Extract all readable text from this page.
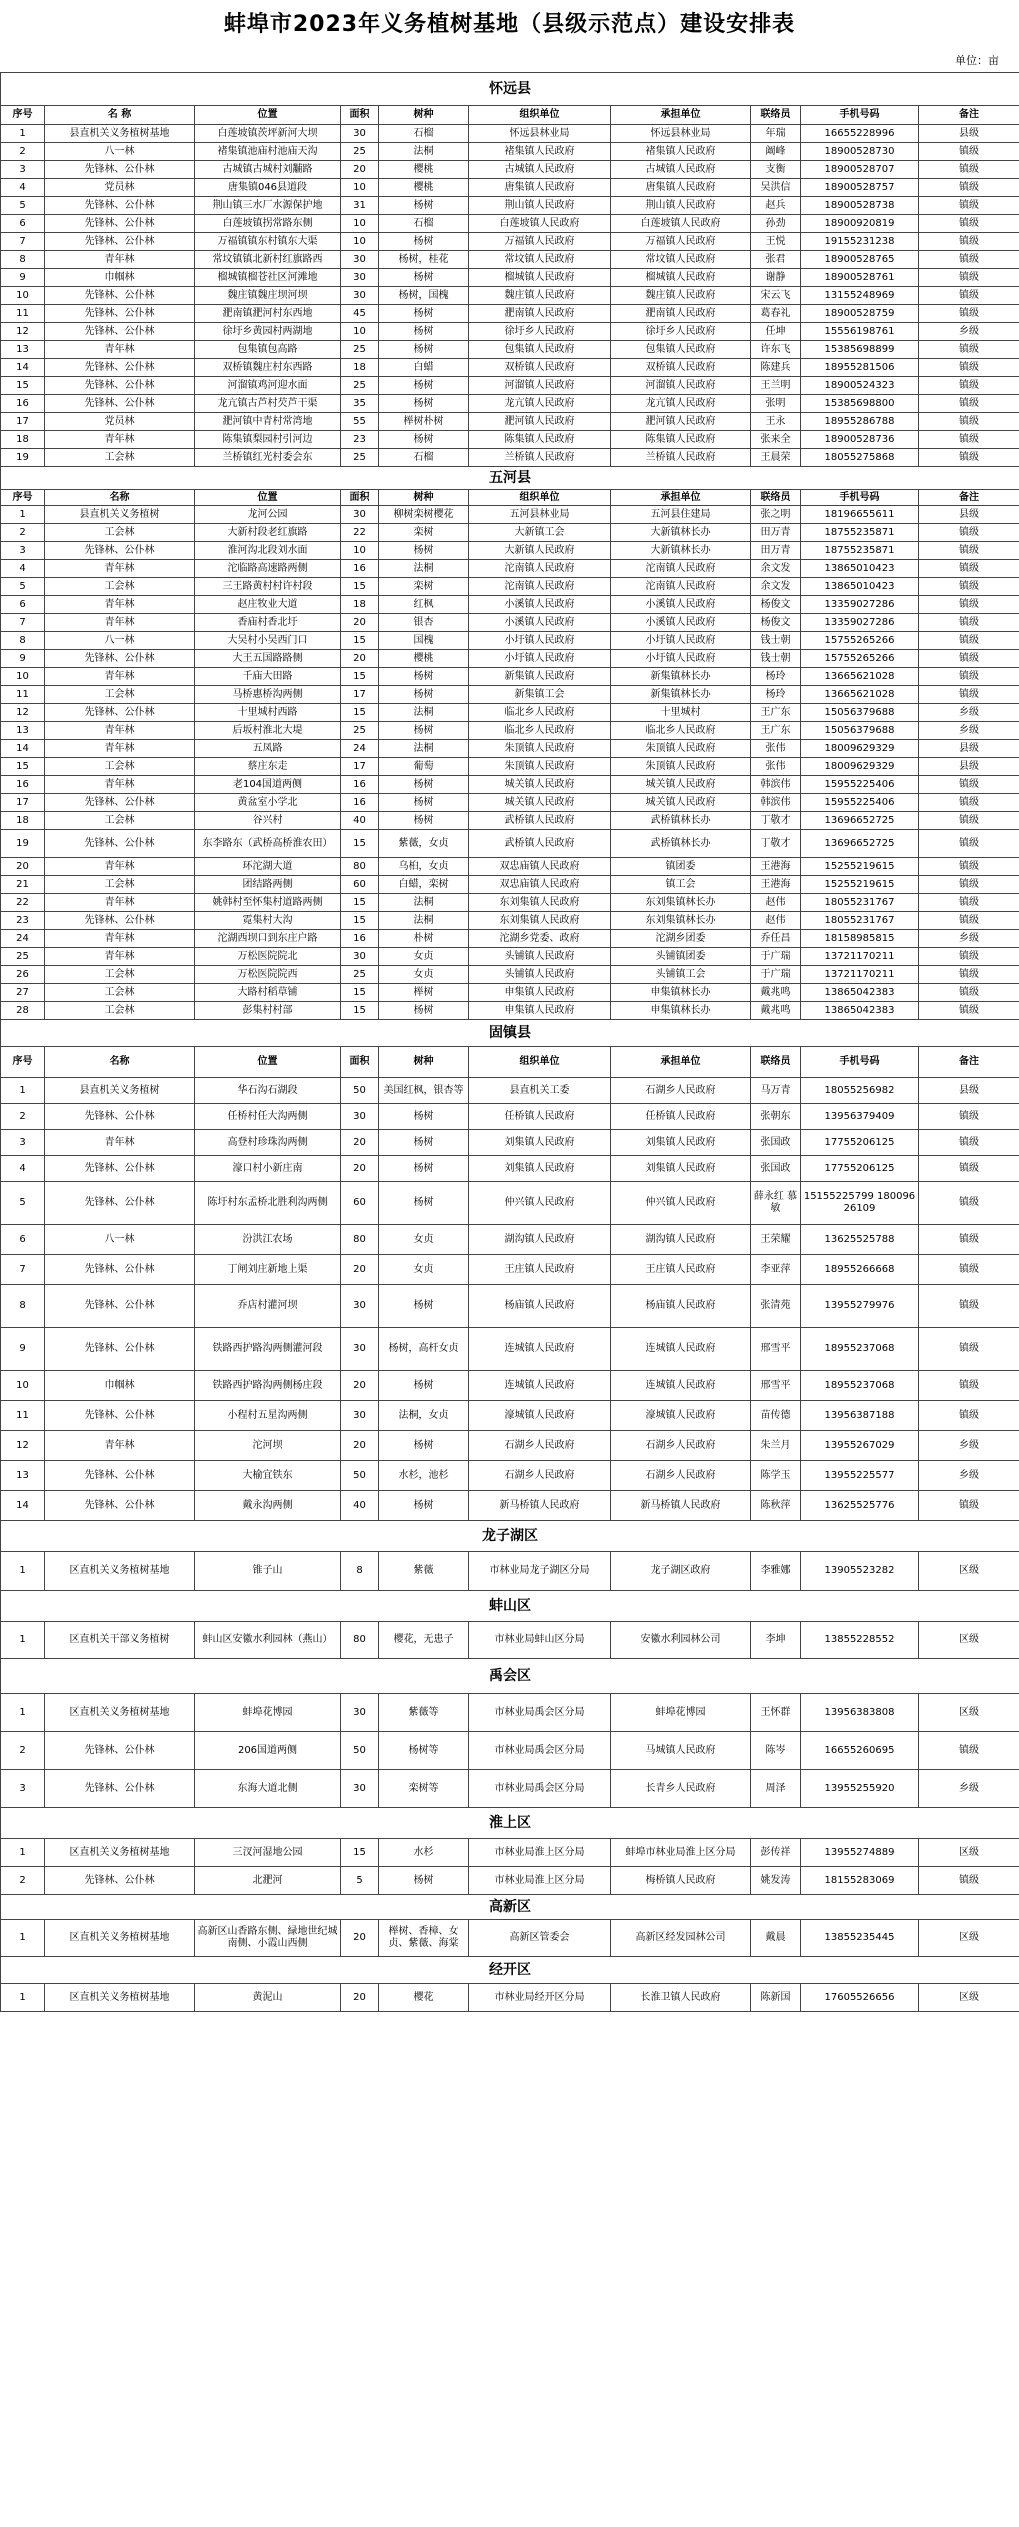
蚌埠市2023年义务植树基地（县级示范点）建设安排表
单位：亩
怀远县									
序号	名 称	位置	面积	树种	组织单位	承担单位	联络员	手机号码	备注
1	县直机关义务植树基地	白莲坡镇茨坪新河大坝	30	石榴	怀远县林业局	怀远县林业局	年瑞	16655228996	县级
2	八一林	褚集镇池庙村池庙天沟	25	法桐	褚集镇人民政府	褚集镇人民政府	阚峰	18900528730	镇级
3	先锋林、公仆林	古城镇古城村刘黼路	20	樱桃	古城镇人民政府	古城镇人民政府	支衡	18900528707	镇级
4	党员林	唐集镇046县道段	10	樱桃	唐集镇人民政府	唐集镇人民政府	吴洪信	18900528757	镇级
5	先锋林、公仆林	荆山镇三水厂水源保护地	31	杨树	荆山镇人民政府	荆山镇人民政府	赵兵	18900528738	镇级
6	先锋林、公仆林	白莲坡镇拐常路东侧	10	石榴	白莲坡镇人民政府	白莲坡镇人民政府	孙劲	18900920819	镇级
7	先锋林、公仆林	万福镇镇东村镇东大渠	10	杨树	万福镇人民政府	万福镇人民政府	王悦	19155231238	镇级
8	青年林	常坟镇镇北新村红旗路西	30	杨树，桂花	常坟镇人民政府	常坟镇人民政府	张君	18900528765	镇级
9	巾帼林	榴城镇榴苍社区河滩地	30	杨树	榴城镇人民政府	榴城镇人民政府	谢静	18900528761	镇级
10	先锋林、公仆林	魏庄镇魏庄坝河坝	30	杨树，国槐	魏庄镇人民政府	魏庄镇人民政府	宋云飞	13155248969	镇级
11	先锋林、公仆林	淝南镇淝河村东西地	45	杨树	淝南镇人民政府	淝南镇人民政府	葛春礼	18900528759	镇级
12	先锋林、公仆林	徐圩乡黄园村两湖地	10	杨树	徐圩乡人民政府	徐圩乡人民政府	任坤	15556198761	乡级
13	青年林	包集镇包高路	25	杨树	包集镇人民政府	包集镇人民政府	许东飞	15385698899	镇级
14	先锋林、公仆林	双桥镇魏庄村东西路	18	白蜡	双桥镇人民政府	双桥镇人民政府	陈建兵	18955281506	镇级
15	先锋林、公仆林	河溜镇鸡河迎水面	25	杨树	河溜镇人民政府	河溜镇人民政府	王兰明	18900524323	镇级
16	先锋林、公仆林	龙亢镇古芦村芡芦干渠	35	杨树	龙亢镇人民政府	龙亢镇人民政府	张明	15385698800	镇级
17	党员林	淝河镇中青村常湾地	55	榉树朴树	淝河镇人民政府	淝河镇人民政府	王永	18955286788	镇级
18	青年林	陈集镇梨园村引河边	23	杨树	陈集镇人民政府	陈集镇人民政府	张来全	18900528736	镇级
19	工会林	兰桥镇红光村委会东	25	石榴	兰桥镇人民政府	兰桥镇人民政府	王晨荣	18055275868	镇级
五河县									
序号	名称	位置	面积	树种	组织单位	承担单位	联络员	手机号码	备注
1	县直机关义务植树	龙河公园	30	柳树栾树樱花	五河县林业局	五河县住建局	张之明	18196655611	县级
2	工会林	大新村段老红旗路	22	栾树	大新镇工会	大新镇林长办	田万青	18755235871	镇级
3	先锋林、公仆林	淮河沟北段刘水面	10	杨树	大新镇人民政府	大新镇林长办	田万青	18755235871	镇级
4	青年林	沱临路高速路两侧	16	法桐	沱南镇人民政府	沱南镇人民政府	余文发	13865010423	镇级
5	工会林	三王路黄村村许村段	15	栾树	沱南镇人民政府	沱南镇人民政府	余文发	13865010423	镇级
6	青年林	赵庄牧业大道	18	红枫	小溪镇人民政府	小溪镇人民政府	杨俊文	13359027286	镇级
7	青年林	香庙村香北圩	20	银杏	小溪镇人民政府	小溪镇人民政府	杨俊文	13359027286	镇级
8	八一林	大吴村小吴西门口	15	国槐	小圩镇人民政府	小圩镇人民政府	钱士朝	15755265266	镇级
9	先锋林、公仆林	大王五国路路侧	20	樱桃	小圩镇人民政府	小圩镇人民政府	钱士朝	15755265266	镇级
10	青年林	千庙大田路	15	杨树	新集镇人民政府	新集镇林长办	杨玲	13665621028	镇级
11	工会林	马桥惠桥沟两侧	17	杨树	新集镇工会	新集镇林长办	杨玲	13665621028	镇级
12	先锋林、公仆林	十里城村西路	15	法桐	临北乡人民政府	十里城村	王广东	15056379688	乡级
13	青年林	后坂村淮北大堤	25	杨树	临北乡人民政府	临北乡人民政府	王广东	15056379688	乡级
14	青年林	五凤路	24	法桐	朱顶镇人民政府	朱顶镇人民政府	张伟	18009629329	县级
15	工会林	蔡庄东走	17	葡萄	朱顶镇人民政府	朱顶镇人民政府	张伟	18009629329	县级
16	青年林	老104国道两侧	16	杨树	城关镇人民政府	城关镇人民政府	韩滨伟	15955225406	镇级
17	先锋林、公仆林	黄盆室小学北	16	杨树	城关镇人民政府	城关镇人民政府	韩滨伟	15955225406	镇级
18	工会林	谷兴村	40	杨树	武桥镇人民政府	武桥镇林长办	丁敬才	13696652725	镇级
19	先锋林、公仆林	东李路东（武桥高桥淮农田）	15	紫薇，女贞	武桥镇人民政府	武桥镇林长办	丁敬才	13696652725	镇级
20	青年林	环沱湖大道	80	乌桕，女贞	双忠庙镇人民政府	镇团委	王港海	15255219615	镇级
21	工会林	团结路两侧	60	白蜡，栾树	双忠庙镇人民政府	镇工会	王港海	15255219615	镇级
22	青年林	姚韩村至怀集村道路两侧	15	法桐	东刘集镇人民政府	东刘集镇林长办	赵伟	18055231767	镇级
23	先锋林、公仆林	霓集村大沟	15	法桐	东刘集镇人民政府	东刘集镇林长办	赵伟	18055231767	镇级
24	青年林	沱湖西坝口到东庄户路	16	朴树	沱湖乡党委、政府	沱湖乡团委	乔任昌	18158985815	乡级
25	青年林	万松医院院北	30	女贞	头铺镇人民政府	头铺镇团委	于广瑞	13721170211	镇级
26	工会林	万松医院院西	25	女贞	头铺镇人民政府	头铺镇工会	于广瑞	13721170211	镇级
27	工会林	大路村稻草铺	15	榉树	申集镇人民政府	申集镇林长办	戴兆鸣	13865042383	镇级
28	工会林	彭集村村部	15	杨树	申集镇人民政府	申集镇林长办	戴兆鸣	13865042383	镇级
固镇县									
序号	名称	位置	面积	树种	组织单位	承担单位	联络员	手机号码	备注
1	县直机关义务植树	华石沟石湖段	50	美国红枫，银杏等	县直机关工委	石湖乡人民政府	马万青	18055256982	县级
2	先锋林、公仆林	任桥村任大沟两侧	30	杨树	任桥镇人民政府	任桥镇人民政府	张朝东	13956379409	镇级
3	青年林	高登村珍珠沟两侧	20	杨树	刘集镇人民政府	刘集镇人民政府	张国政	17755206125	镇级
4	先锋林、公仆林	濠口村小新庄南	20	杨树	刘集镇人民政府	刘集镇人民政府	张国政	17755206125	镇级
5	先锋林、公仆林	陈圩村东孟桥北胜利沟两侧	60	杨树	仲兴镇人民政府	仲兴镇人民政府	薛永红 慕敏	15155225799 18009626109	镇级
6	八一林	汾洪江农场	80	女贞	湖沟镇人民政府	湖沟镇人民政府	王荣耀	13625525788	镇级
7	先锋林、公仆林	丁闸刘庄新地上渠	20	女贞	王庄镇人民政府	王庄镇人民政府	李亚萍	18955266668	镇级
8	先锋林、公仆林	乔店村灌河坝	30	杨树	杨庙镇人民政府	杨庙镇人民政府	张清苑	13955279976	镇级
9	先锋林、公仆林	铁路西护路沟两侧灌河段	30	杨树，高杆女贞	连城镇人民政府	连城镇人民政府	邢雪平	18955237068	镇级
10	巾帼林	铁路西护路沟两侧杨庄段	20	杨树	连城镇人民政府	连城镇人民政府	邢雪平	18955237068	镇级
11	先锋林、公仆林	小程村五星沟两侧	30	法桐，女贞	濠城镇人民政府	濠城镇人民政府	苗传德	13956387188	镇级
12	青年林	沱河坝	20	杨树	石湖乡人民政府	石湖乡人民政府	朱兰月	13955267029	乡级
13	先锋林、公仆林	大榆宜铁东	50	水杉，池杉	石湖乡人民政府	石湖乡人民政府	陈学玉	13955225577	乡级
14	先锋林、公仆林	戴永沟两侧	40	杨树	新马桥镇人民政府	新马桥镇人民政府	陈秋萍	13625525776	镇级
龙子湖区									
1	区直机关义务植树基地	锥子山	8	紫薇	市林业局龙子湖区分局	龙子湖区政府	李雅娜	13905523282	区级
蚌山区									
1	区直机关干部义务植树	蚌山区安徽水利园林（燕山）	80	樱花，无患子	市林业局蚌山区分局	安徽水利园林公司	李坤	13855228552	区级
禹会区									
1	区直机关义务植树基地	蚌埠花博园	30	紫薇等	市林业局禹会区分局	蚌埠花博园	王怀群	13956383808	区级
2	先锋林、公仆林	206国道两侧	50	杨树等	市林业局禹会区分局	马城镇人民政府	陈岑	16655260695	镇级
3	先锋林、公仆林	东海大道北侧	30	栾树等	市林业局禹会区分局	长青乡人民政府	周泽	13955255920	乡级
淮上区									
1	区直机关义务植树基地	三汊河湿地公园	15	水杉	市林业局淮上区分局	蚌埠市林业局淮上区分局	彭传祥	13955274889	区级
2	先锋林、公仆林	北淝河	5	杨树	市林业局淮上区分局	梅桥镇人民政府	姚发涛	18155283069	镇级
高新区									
1	区直机关义务植树基地	高新区山香路东侧、緑地世纪城南侧、小霞山西侧	20	榉树、香樟、女贞、紫薇、海棠	高新区管委会	高新区经发园林公司	戴晨	13855235445	区级
经开区									
1	区直机关义务植树基地	黄泥山	20	樱花	市林业局经开区分局	长淮卫镇人民政府	陈新国	17605526656	区级
